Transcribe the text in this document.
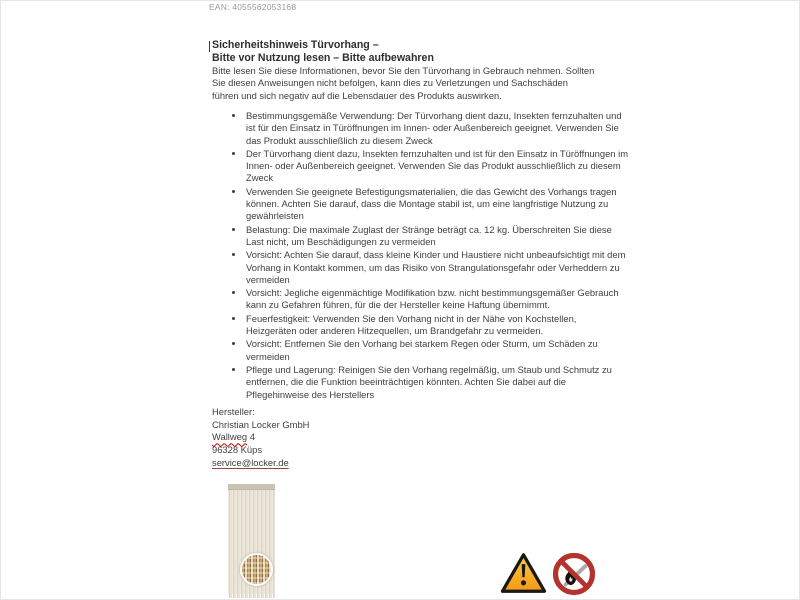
EAN: 4055562053168
Sicherheitshinweis Türvorhang –
Bitte vor Nutzung lesen – Bitte aufbewahren

Bitte lesen Sie diese Informationen, bevor Sie den Türvorhang in Gebrauch nehmen. Sollten Sie diesen Anweisungen nicht befolgen, kann dies zu Verletzungen und Sachschäden führen und sich negativ auf die Lebensdauer des Produkts auswirken.

• Bestimmungsgemäße Verwendung: Der Türvorhang dient dazu, Insekten fernzuhalten und ist für den Einsatz in Türöffnungen im Innen- oder Außenbereich geeignet. Verwenden Sie das Produkt ausschließlich zu diesem Zweck
• Der Türvorhang dient dazu, Insekten fernzuhalten und ist für den Einsatz in Türöffnungen im Innen- oder Außenbereich geeignet. Verwenden Sie das Produkt ausschließlich zu diesem Zweck
• Verwenden Sie geeignete Befestigungsmaterialien, die das Gewicht des Vorhangs tragen können. Achten Sie darauf, dass die Montage stabil ist, um eine langfristige Nutzung zu gewährleisten
• Belastung: Die maximale Zuglast der Stränge beträgt ca. 12 kg. Überschreiten Sie diese Last nicht, um Beschädigungen zu vermeiden
• Vorsicht: Achten Sie darauf, dass kleine Kinder und Haustiere nicht unbeaufsichtigt mit dem Vorhang in Kontakt kommen, um das Risiko von Strangulationsgefahr oder Verheddern zu vermeiden
• Vorsicht: Jegliche eigenmächtige Modifikation bzw. nicht bestimmungsgemäßer Gebrauch kann zu Gefahren führen, für die der Hersteller keine Haftung übernimmt.
• Feuerfestigkeit: Verwenden Sie den Vorhang nicht in der Nähe von Kochstellen, Heizgeräten oder anderen Hitzequellen, um Brandgefahr zu vermeiden.
• Vorsicht: Entfernen Sie den Vorhang bei starkem Regen oder Sturm, um Schäden zu vermeiden
• Pflege und Lagerung: Reinigen Sie den Vorhang regelmäßig, um Staub und Schmutz zu entfernen, die die Funktion beeinträchtigen könnten. Achten Sie dabei auf die Pflegehinweise des Herstellers
Hersteller:
Christian Locker GmbH
Wallweg 4
96328 Küps
service@locker.de
